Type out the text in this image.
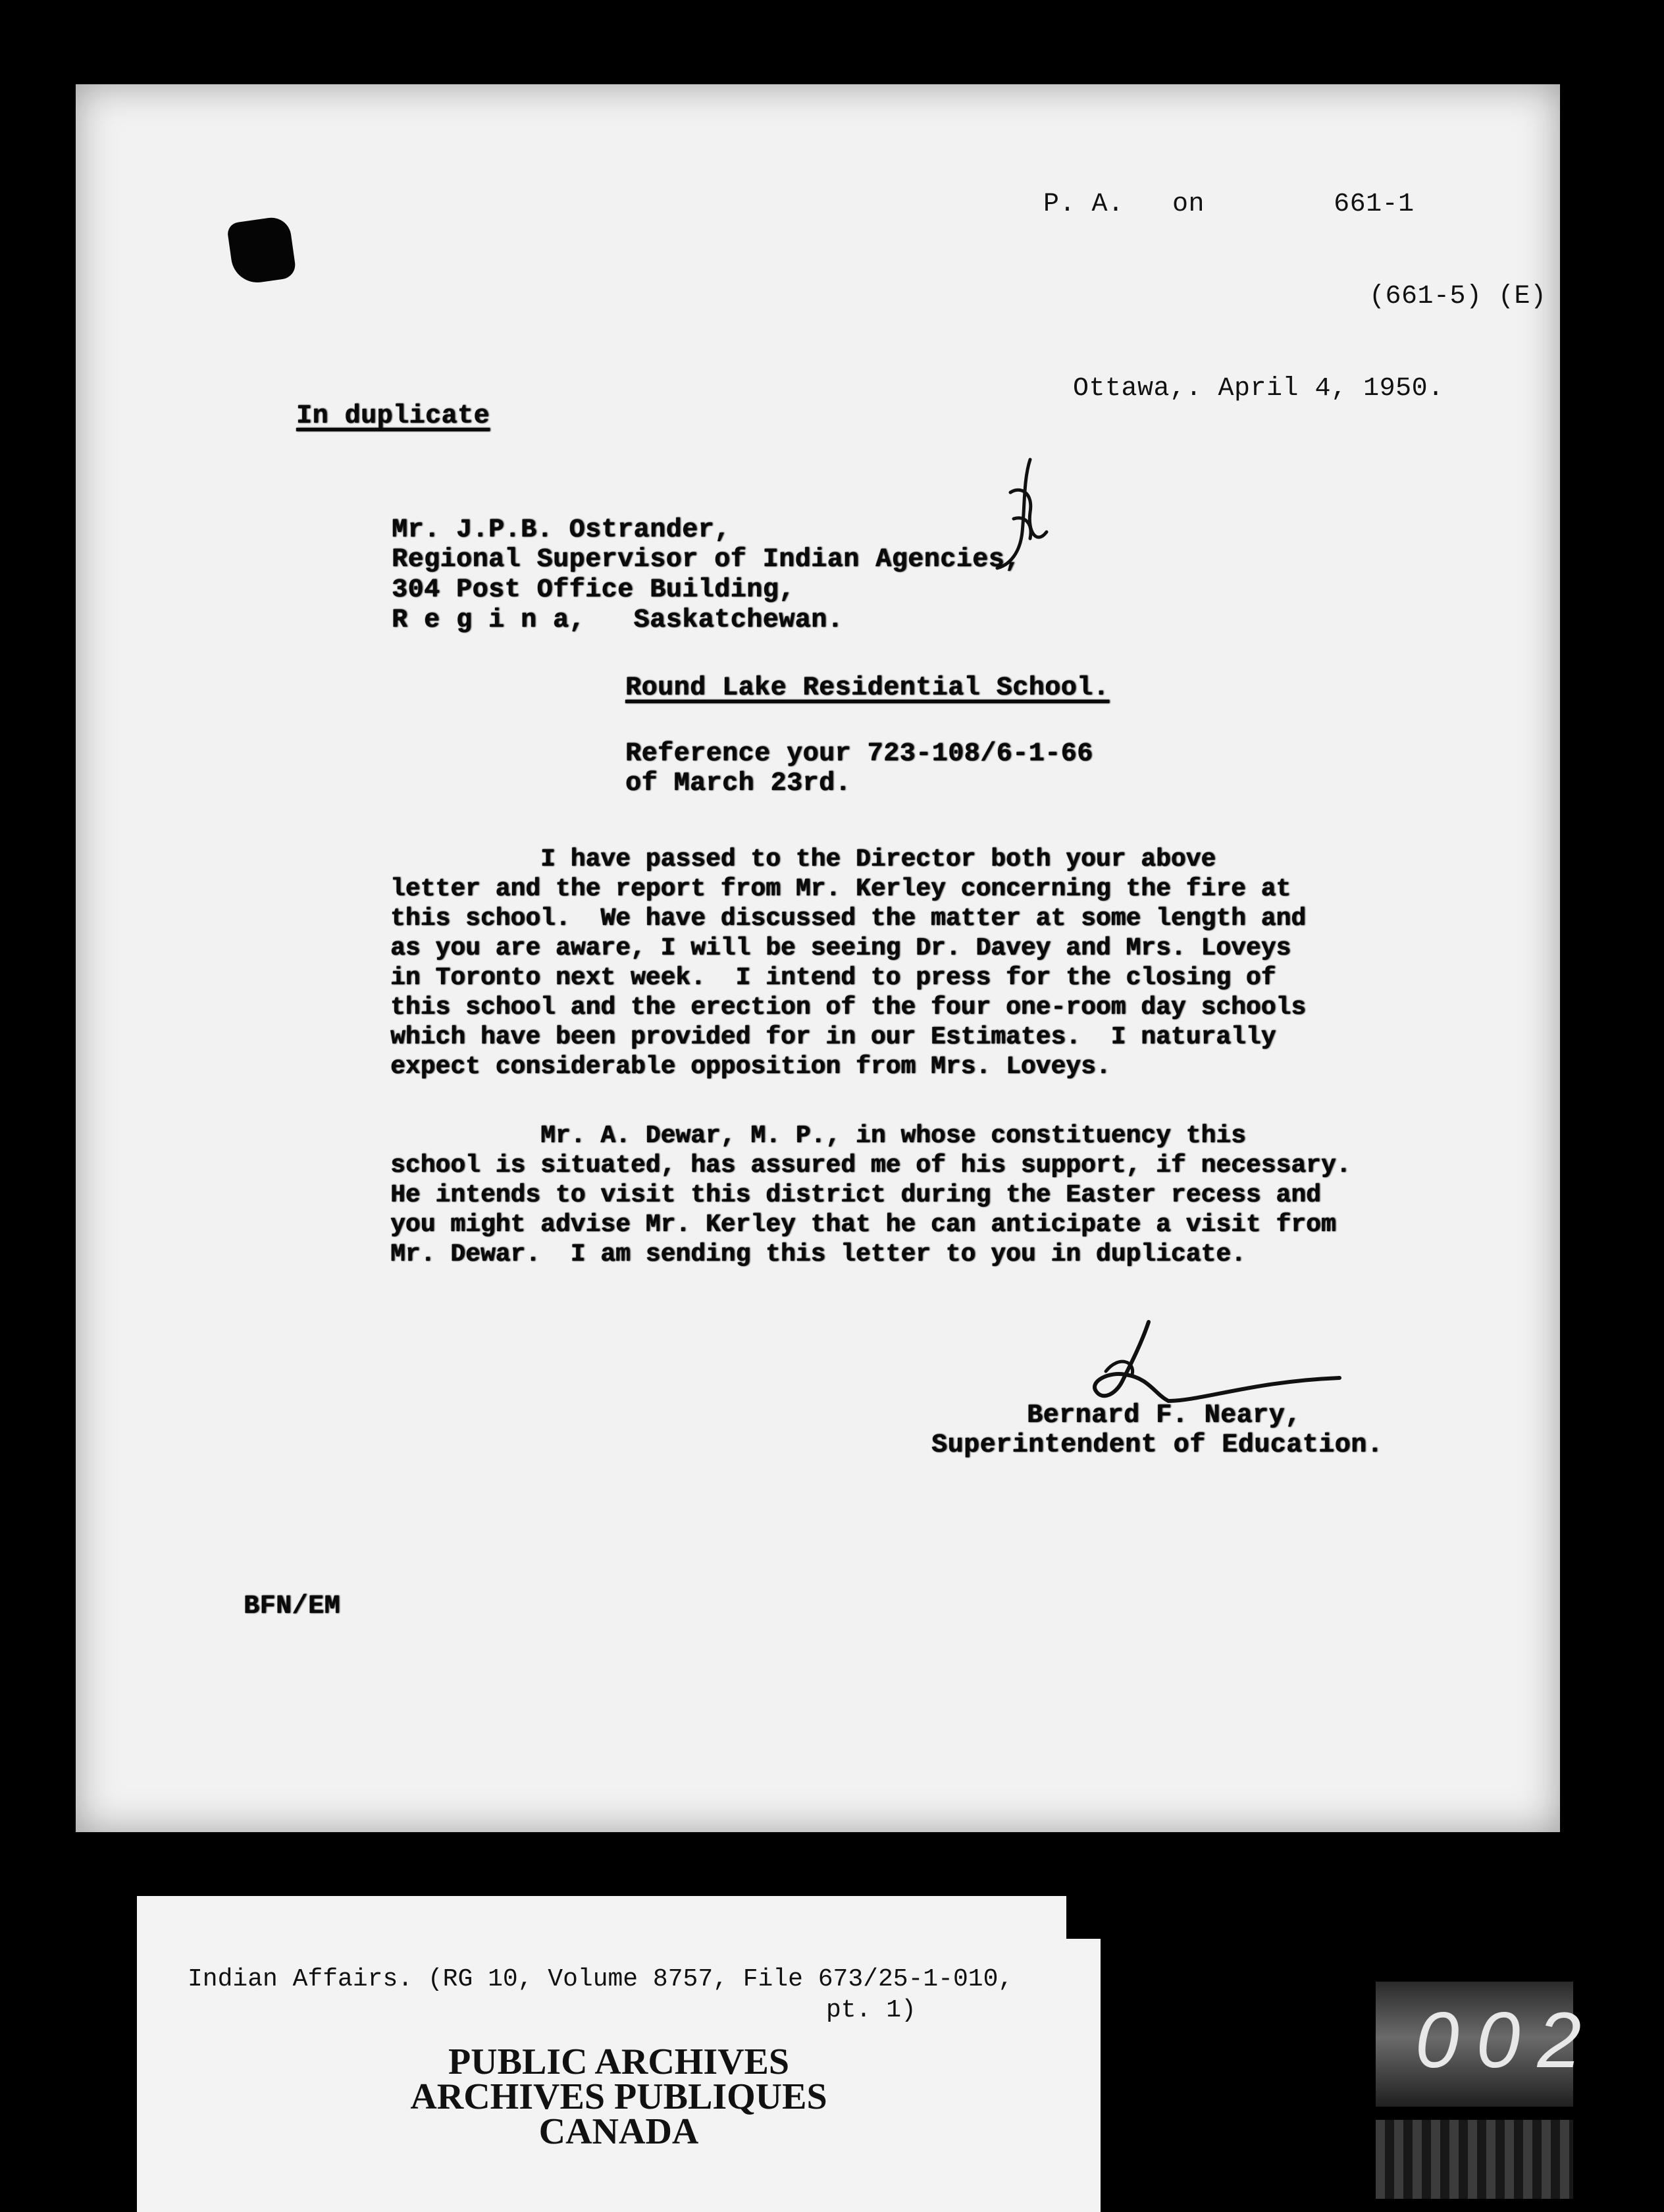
P. A.   on        661-1
(661-5) (E)
Ottawa,. April 4, 1950.
In duplicate
Mr. J.P.B. Ostrander,
Regional Supervisor of Indian Agencies,
304 Post Office Building,
R e g i n a,   Saskatchewan.
Round Lake Residential School.
Reference your 723-108/6-1-66
of March 23rd.
I have passed to the Director both your above
letter and the report from Mr. Kerley concerning the fire at
this school.  We have discussed the matter at some length and
as you are aware, I will be seeing Dr. Davey and Mrs. Loveys
in Toronto next week.  I intend to press for the closing of
this school and the erection of the four one-room day schools
which have been provided for in our Estimates.  I naturally
expect considerable opposition from Mrs. Loveys.
Mr. A. Dewar, M. P., in whose constituency this
school is situated, has assured me of his support, if necessary.
He intends to visit this district during the Easter recess and
you might advise Mr. Kerley that he can anticipate a visit from
Mr. Dewar.  I am sending this letter to you in duplicate.
Bernard F. Neary,
Superintendent of Education.
BFN/EM
Indian Affairs. (RG 10, Volume 8757, File 673/25-1-010,
pt. 1)
PUBLIC ARCHIVES
ARCHIVES PUBLIQUES
CANADA
002
